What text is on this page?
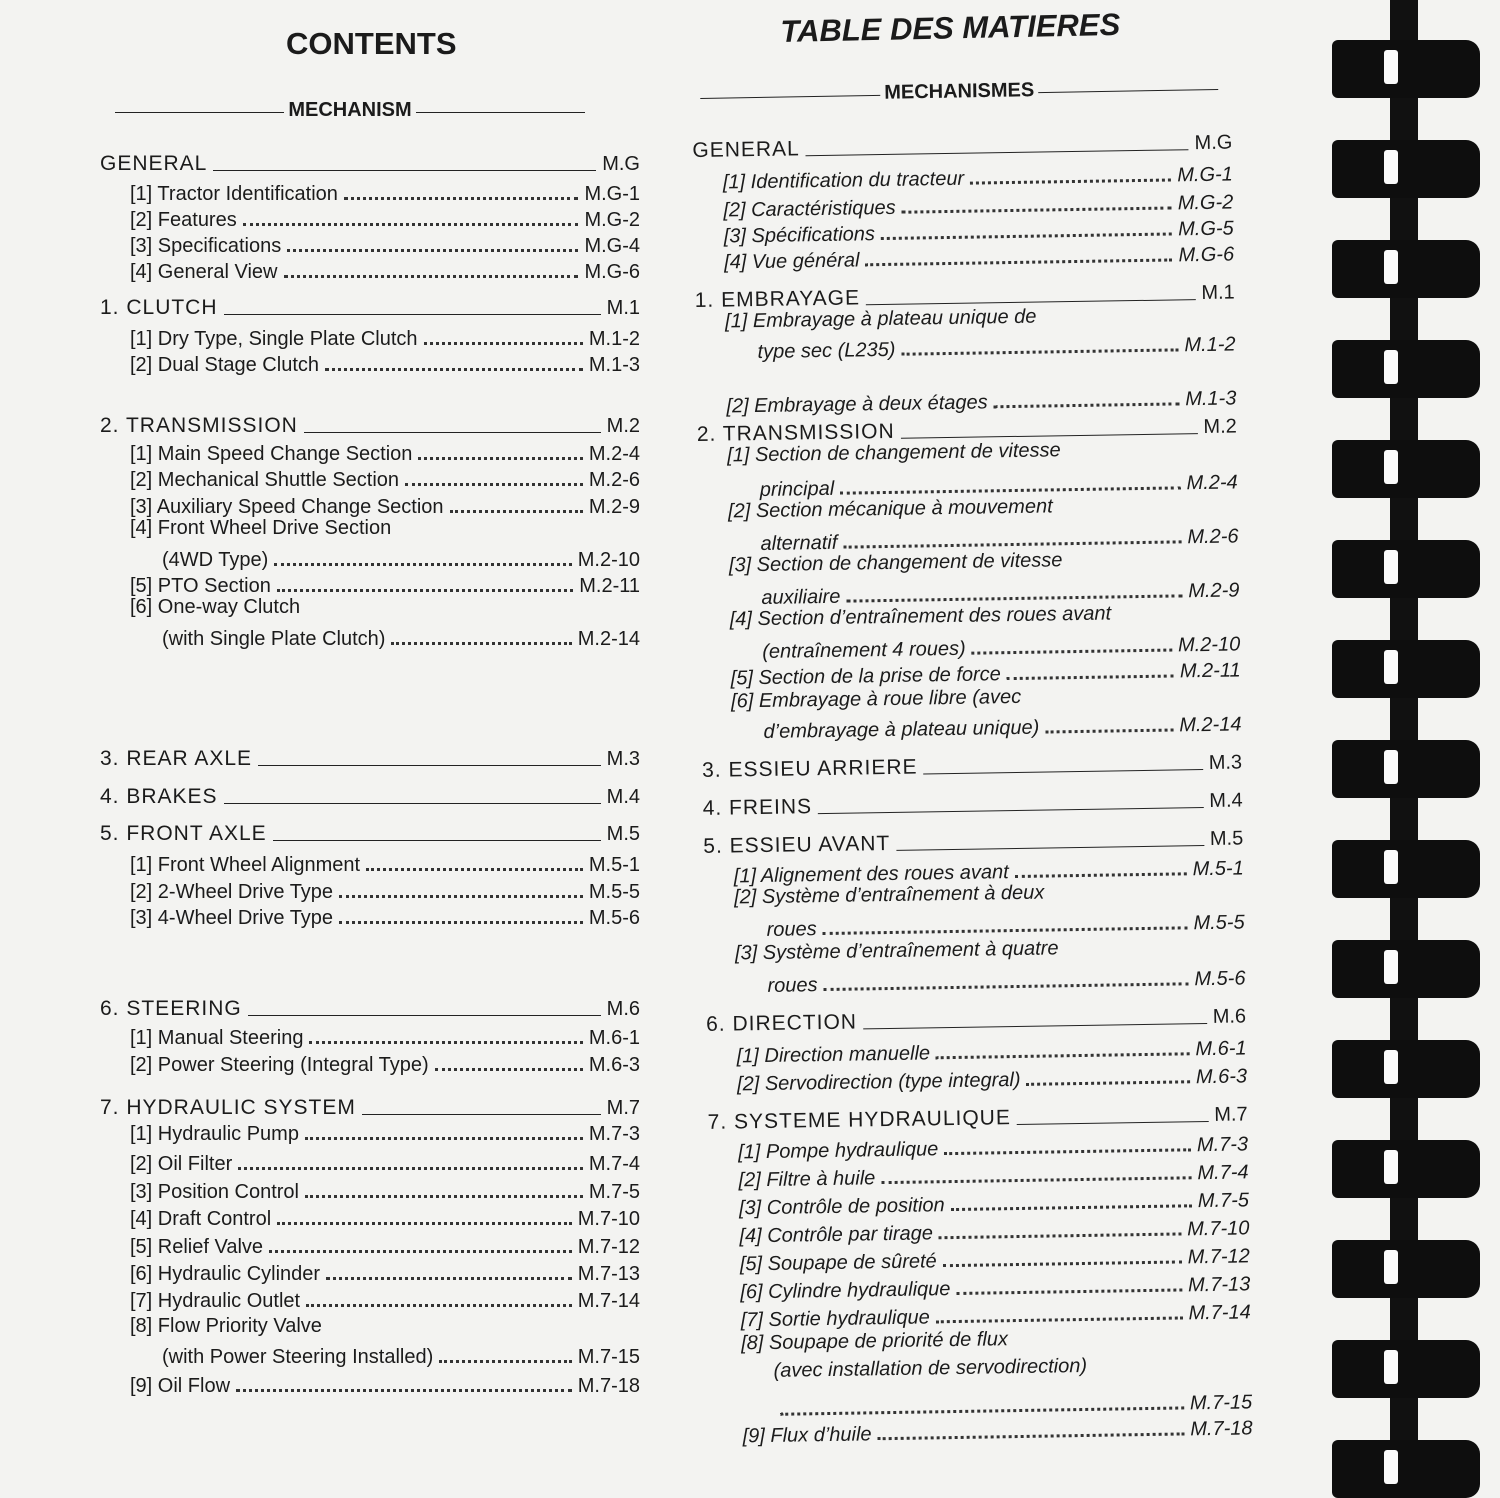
CONTENTS	TABLE DES MATIERES
MECHANISM
MECHANISMES
GENERAL	M.G
[1] Tractor Identification	M.G-1
[2] Features	M.G-2
[3] Specifications	M.G-4
[4] General View	M.G-6
1. CLUTCH	M.1
[1] Dry Type, Single Plate Clutch	M.1-2
[2] Dual Stage Clutch	M.1-3
2. TRANSMISSION	M.2
[1] Main Speed Change Section	M.2-4
[2] Mechanical Shuttle Section	M.2-6
[3] Auxiliary Speed Change Section	M.2-9
[4] Front Wheel Drive Section
(4WD Type)	M.2-10
[5] PTO Section	M.2-11
[6] One-way Clutch
(with Single Plate Clutch)	M.2-14
3. REAR AXLE	M.3
4. BRAKES	M.4
5. FRONT AXLE	M.5
[1] Front Wheel Alignment	M.5-1
[2] 2-Wheel Drive Type	M.5-5
[3] 4-Wheel Drive Type	M.5-6
6. STEERING	M.6
[1] Manual Steering	M.6-1
[2] Power Steering (Integral Type)	M.6-3
7. HYDRAULIC SYSTEM	M.7
[1] Hydraulic Pump	M.7-3
[2] Oil Filter	M.7-4
[3] Position Control	M.7-5
[4] Draft Control	M.7-10
[5] Relief Valve	M.7-12
[6] Hydraulic Cylinder	M.7-13
[7] Hydraulic Outlet	M.7-14
[8] Flow Priority Valve
(with Power Steering Installed)	M.7-15
[9] Oil Flow	M.7-18
GENERAL	M.G
[1] Identification du tracteur	M.G-1
[2] Caractéristiques	M.G-2
[3] Spécifications	M.G-5
[4] Vue général	M.G-6
1. EMBRAYAGE	M.1
[1] Embrayage à plateau unique de
type sec (L235)	M.1-2
[2] Embrayage à deux étages	M.1-3
2. TRANSMISSION	M.2
[1] Section de changement de vitesse
principal	M.2-4
[2] Section mécanique à mouvement
alternatif	M.2-6
[3] Section de changement de vitesse
auxiliaire	M.2-9
[4] Section d’entraînement des roues avant
(entraînement 4 roues)	M.2-10
[5] Section de la prise de force	M.2-11
[6] Embrayage à roue libre (avec
d’embrayage à plateau unique)	M.2-14
3. ESSIEU ARRIERE	M.3
4. FREINS	M.4
5. ESSIEU AVANT	M.5
[1] Alignement des roues avant	M.5-1
[2] Système d’entraînement à deux
roues	M.5-5
[3] Système d’entraînement à quatre
roues	M.5-6
6. DIRECTION	M.6
[1] Direction manuelle	M.6-1
[2] Servodirection (type integral)	M.6-3
7. SYSTEME HYDRAULIQUE	M.7
[1] Pompe hydraulique	M.7-3
[2] Filtre à huile	M.7-4
[3] Contrôle de position	M.7-5
[4] Contrôle par tirage	M.7-10
[5] Soupape de sûreté	M.7-12
[6] Cylindre hydraulique	M.7-13
[7] Sortie hydraulique	M.7-14
[8] Soupape de priorité de flux
(avec installation de servodirection)
M.7-15
[9] Flux d’huile	M.7-18
